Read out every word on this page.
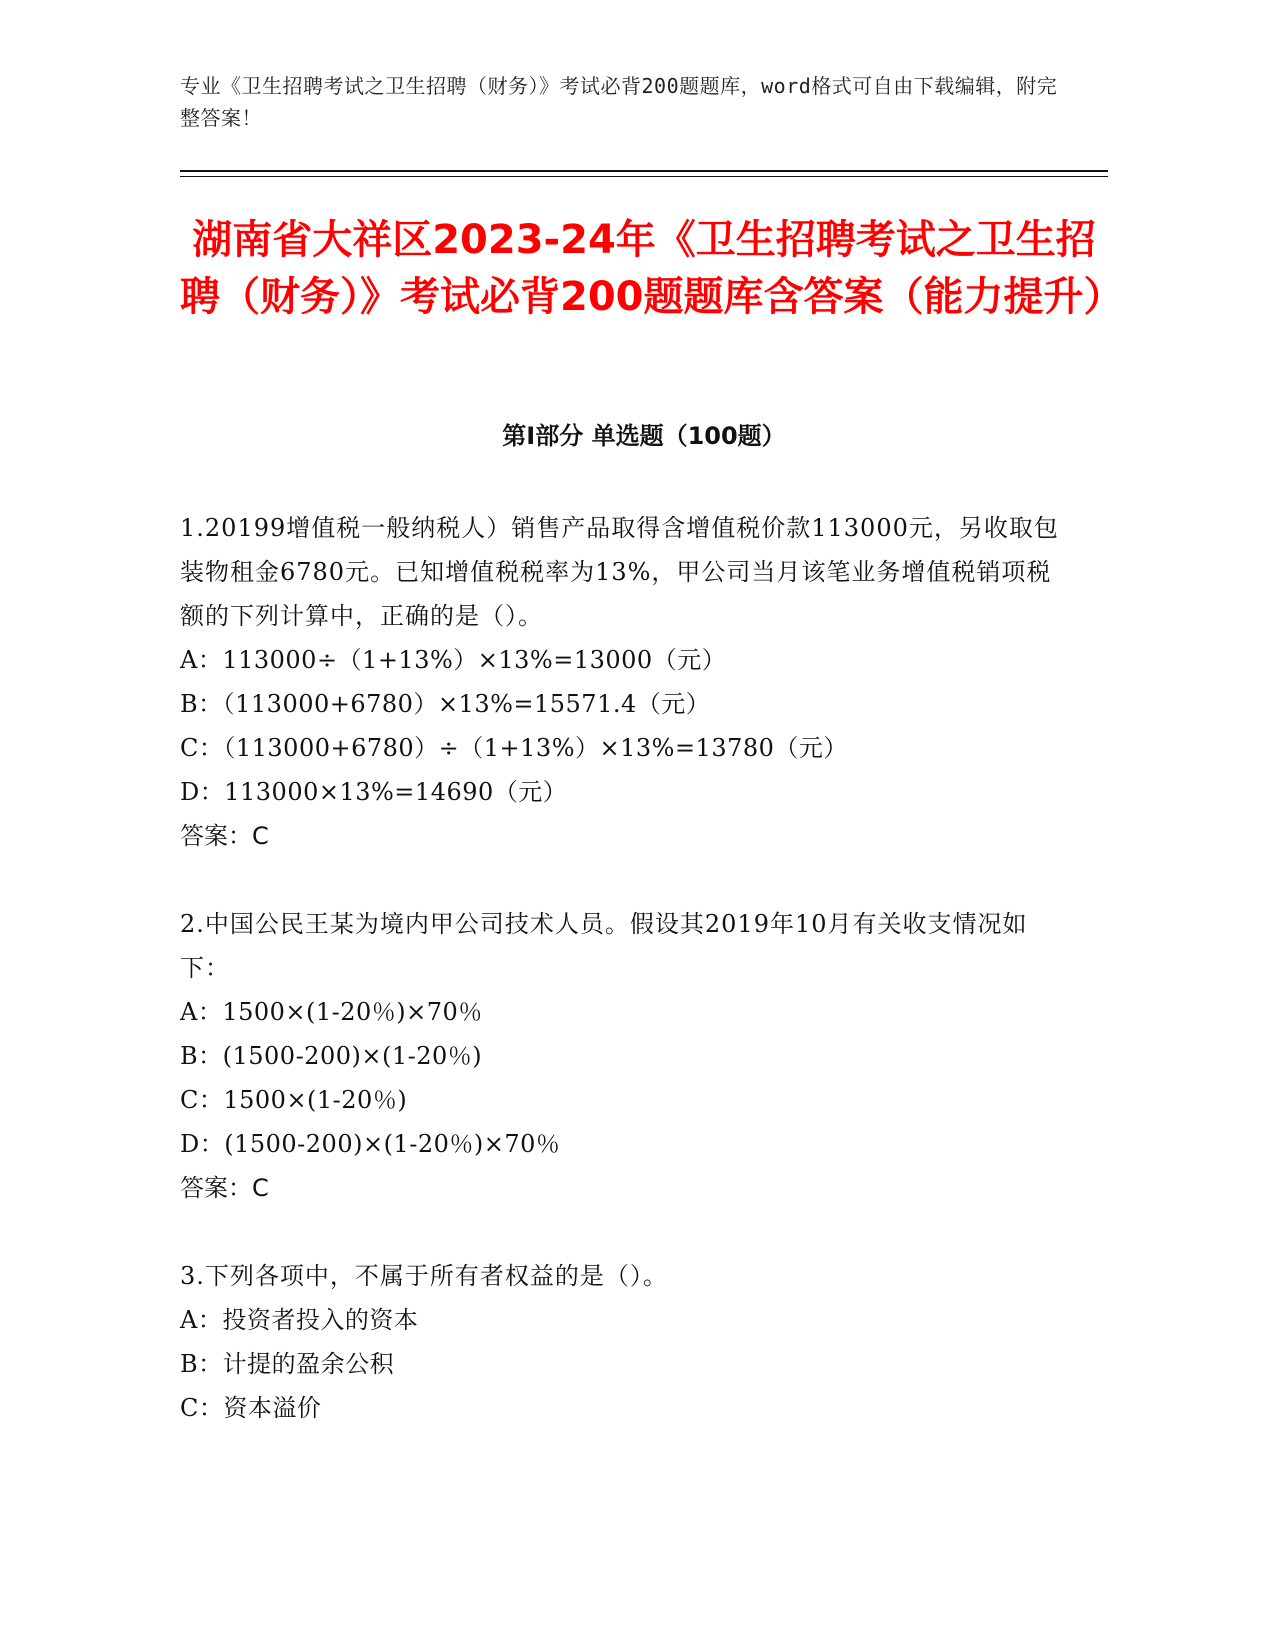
专业《卫生招聘考试之卫生招聘（财务）》考试必背200题题库，word格式可自由下载编辑，附完整答案！
湖南省大祥区2023-24年《卫生招聘考试之卫生招聘（财务）》考试必背200题题库含答案（能力提升）
第Ⅰ部分 单选题（100题）
1.20199增值税一般纳税人）销售产品取得含增值税价款113000元，另收取包装物租金6780元。已知增值税税率为13%，甲公司当月该笔业务增值税销项税额的下列计算中，正确的是（）。
A：113000÷（1+13%）×13%=13000（元）
B：（113000+6780）×13%=15571.4（元）
C：（113000+6780）÷（1+13%）×13%=13780（元）
D：113000×13%=14690（元）
答案：C
2.中国公民王某为境内甲公司技术人员。假设其2019年10月有关收支情况如下：
A：1500×(1-20％)×70％
B：(1500-200)×(1-20％)
C：1500×(1-20％)
D：(1500-200)×(1-20％)×70％
答案：C
3.下列各项中，不属于所有者权益的是（）。
A：投资者投入的资本
B：计提的盈余公积
C：资本溢价
